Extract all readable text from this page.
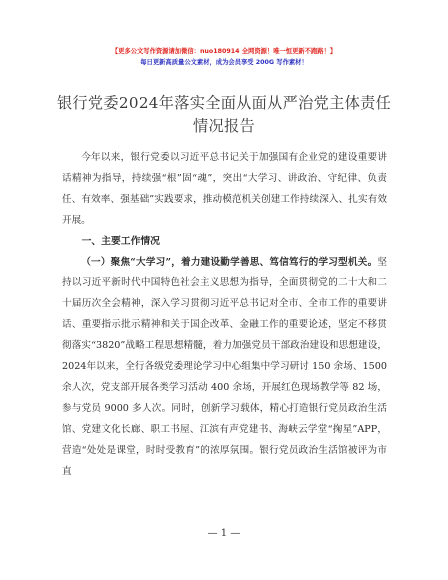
【更多公文写作资源请加微信：nuo180914 全网资源！唯一恒更新不跑路！】
每日更新高质量公文素材，成为会员享受 200G 写作素材！
银行党委2024年落实全面从面从严治党主体责任情况报告

今年以来，银行党委以习近平总书记关于加强国有企业党的建设重要讲话精神为指导，持续强“根”固“魂”，突出“大学习、讲政治、守纪律、负责任、有效率、强基础”实践要求，推动模范机关创建工作持续深入、扎实有效开展。

一、主要工作情况

（一）聚焦“大学习”，着力建设勤学善思、笃信笃行的学习型机关。坚持以习近平新时代中国特色社会主义思想为指导，全面贯彻党的二十大和二十届历次全会精神，深入学习贯彻习近平总书记对全市、全市工作的重要讲话、重要指示批示精神和关于国企改革、金融工作的重要论述，坚定不移贯彻落实“3820”战略工程思想精髓，着力加强党员干部政治建设和思想建设，2024年以来，全行各级党委理论学习中心组集中学习研讨 150 余场、1500 余人次，党支部开展各类学习活动 400 余场，开展红色现场教学等 82 场，参与党员 9000 多人次。同时，创新学习载体，精心打造银行党员政治生活馆、党建文化长廊、职工书屋、江滨有声党建书、海峡云学堂“掬星”APP，营造“处处是课堂，时时受教育”的浓厚氛围。银行党员政治生活馆被评为市直

— 1 —
